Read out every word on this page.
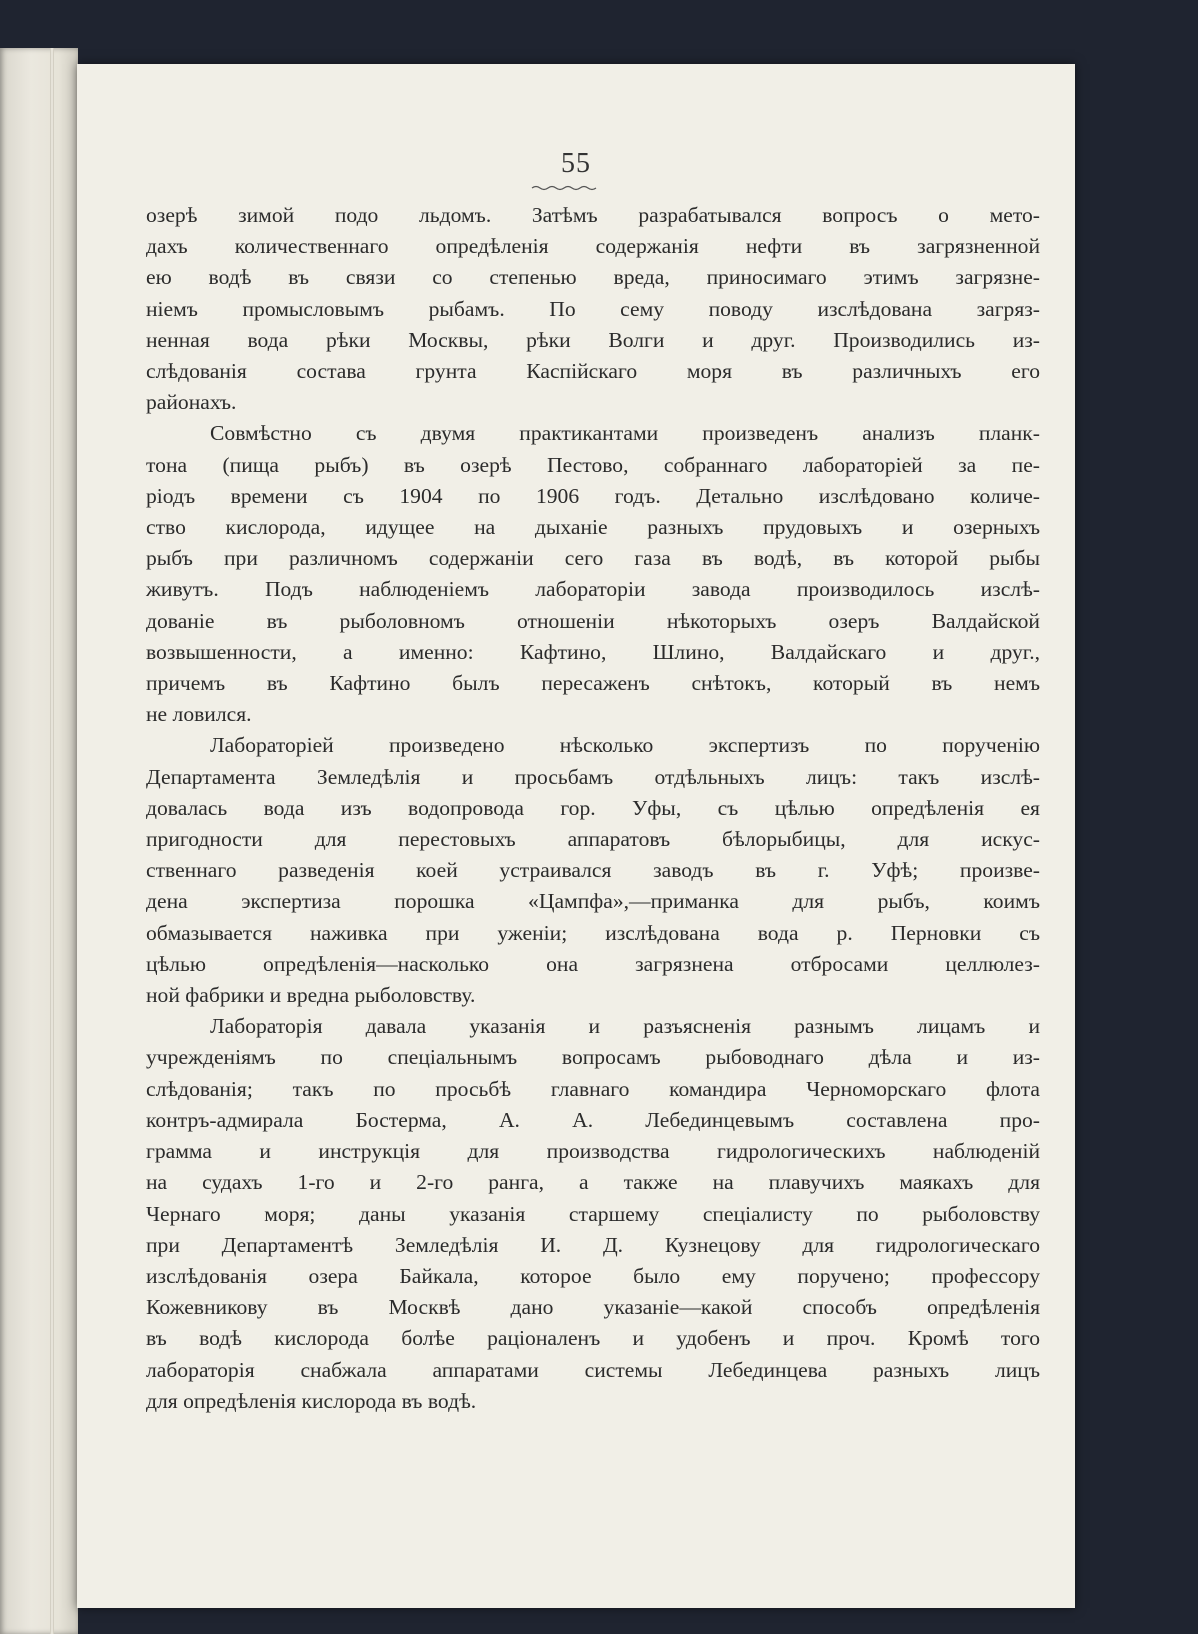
55

озерѣ зимой подо льдомъ. Затѣмъ разрабатывался вопросъ о мето-
дахъ количественнаго опредѣленія содержанія нефти въ загрязненной
ею водѣ въ связи со степенью вреда, приносимаго этимъ загрязне-
ніемъ промысловымъ рыбамъ. По сему поводу изслѣдована загряз-
ненная вода рѣки Москвы, рѣки Волги и друг. Производились из-
слѣдованія состава грунта Каспійскаго моря въ различныхъ его
районахъ.

Совмѣстно съ двумя практикантами произведенъ анализъ планк-
тона (пища рыбъ) въ озерѣ Пестово, собраннаго лабораторіей за пе-
ріодъ времени съ 1904 по 1906 годъ. Детально изслѣдовано количе-
ство кислорода, идущее на дыханіе разныхъ прудовыхъ и озерныхъ
рыбъ при различномъ содержаніи сего газа въ водѣ, въ которой рыбы
живутъ. Подъ наблюденіемъ лабораторіи завода производилось изслѣ-
дованіе въ рыболовномъ отношеніи нѣкоторыхъ озеръ Валдайской
возвышенности, а именно: Кафтино, Шлино, Валдайскаго и друг.,
причемъ въ Кафтино былъ пересаженъ снѣтокъ, который въ немъ
не ловился.

Лабораторіей произведено нѣсколько экспертизъ по порученію
Департамента Земледѣлія и просьбамъ отдѣльныхъ лицъ: такъ изслѣ-
довалась вода изъ водопровода гор. Уфы, съ цѣлью опредѣленія ея
пригодности для перестовыхъ аппаратовъ бѣлорыбицы, для искус-
ственнаго разведенія коей устраивался заводъ въ г. Уфѣ; произве-
дена экспертиза порошка «Цампфа»,—приманка для рыбъ, коимъ
обмазывается наживка при уженіи; изслѣдована вода р. Перновки съ
цѣлью опредѣленія—насколько она загрязнена отбросами целлюлез-
ной фабрики и вредна рыболовству.

Лабораторія давала указанія и разъясненія разнымъ лицамъ и
учрежденіямъ по спеціальнымъ вопросамъ рыбоводнаго дѣла и из-
слѣдованія; такъ по просьбѣ главнаго командира Черноморскаго флота
контръ-адмирала Бостерма, А. А. Лебединцевымъ составлена про-
грамма и инструкція для производства гидрологическихъ наблюденій
на судахъ 1-го и 2-го ранга, а также на плавучихъ маякахъ для
Чернаго моря; даны указанія старшему спеціалисту по рыболовству
при Департаментѣ Земледѣлія И. Д. Кузнецову для гидрологическаго
изслѣдованія озера Байкала, которое было ему поручено; профессору
Кожевникову въ Москвѣ дано указаніе—какой способъ опредѣленія
въ водѣ кислорода болѣе раціоналенъ и удобенъ и проч. Кромѣ того
лабораторія снабжала аппаратами системы Лебединцева разныхъ лицъ
для опредѣленія кислорода въ водѣ.
